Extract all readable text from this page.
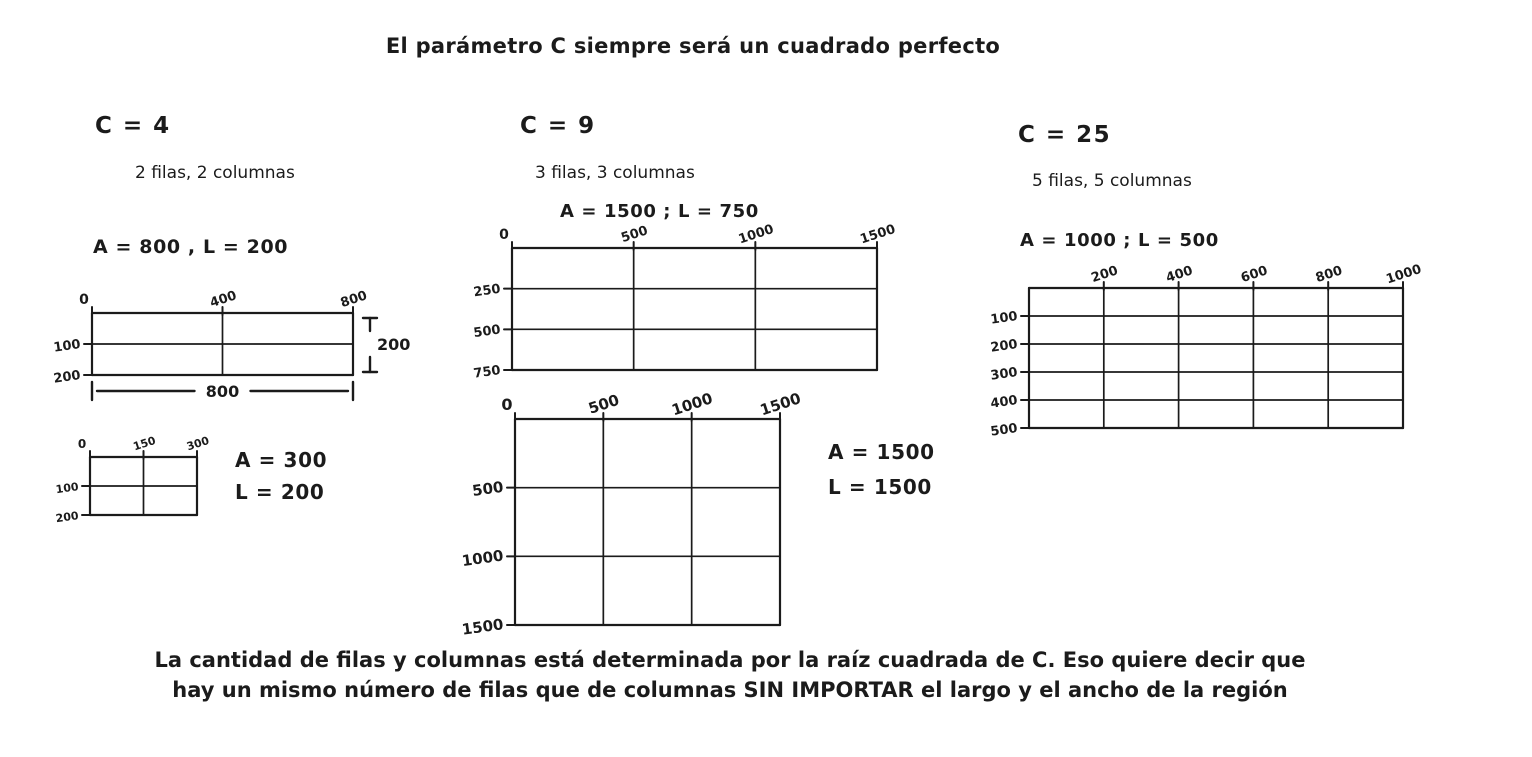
El parámetro C siempre será un cuadrado perfecto
C = 4
2 filas, 2 columnas
A = 800 , L = 200
0	400	800
100
200
800
200
0	150	300
100
200
A = 300
L = 200
C = 9
3 filas, 3 columnas
A = 1500 ; L = 750
0	500	1000	1500
250
500
750
0	500	1000	1500
500
1000
1500
A = 1500
L = 1500
C = 25
5 filas, 5 columnas
A = 1000 ; L = 500
200	400	600	800	1000
100
200
300
400
500
La cantidad de filas y columnas está determinada por la raíz cuadrada de C. Eso quiere decir que
hay un mismo número de filas que de columnas SIN IMPORTAR el largo y el ancho de la región
